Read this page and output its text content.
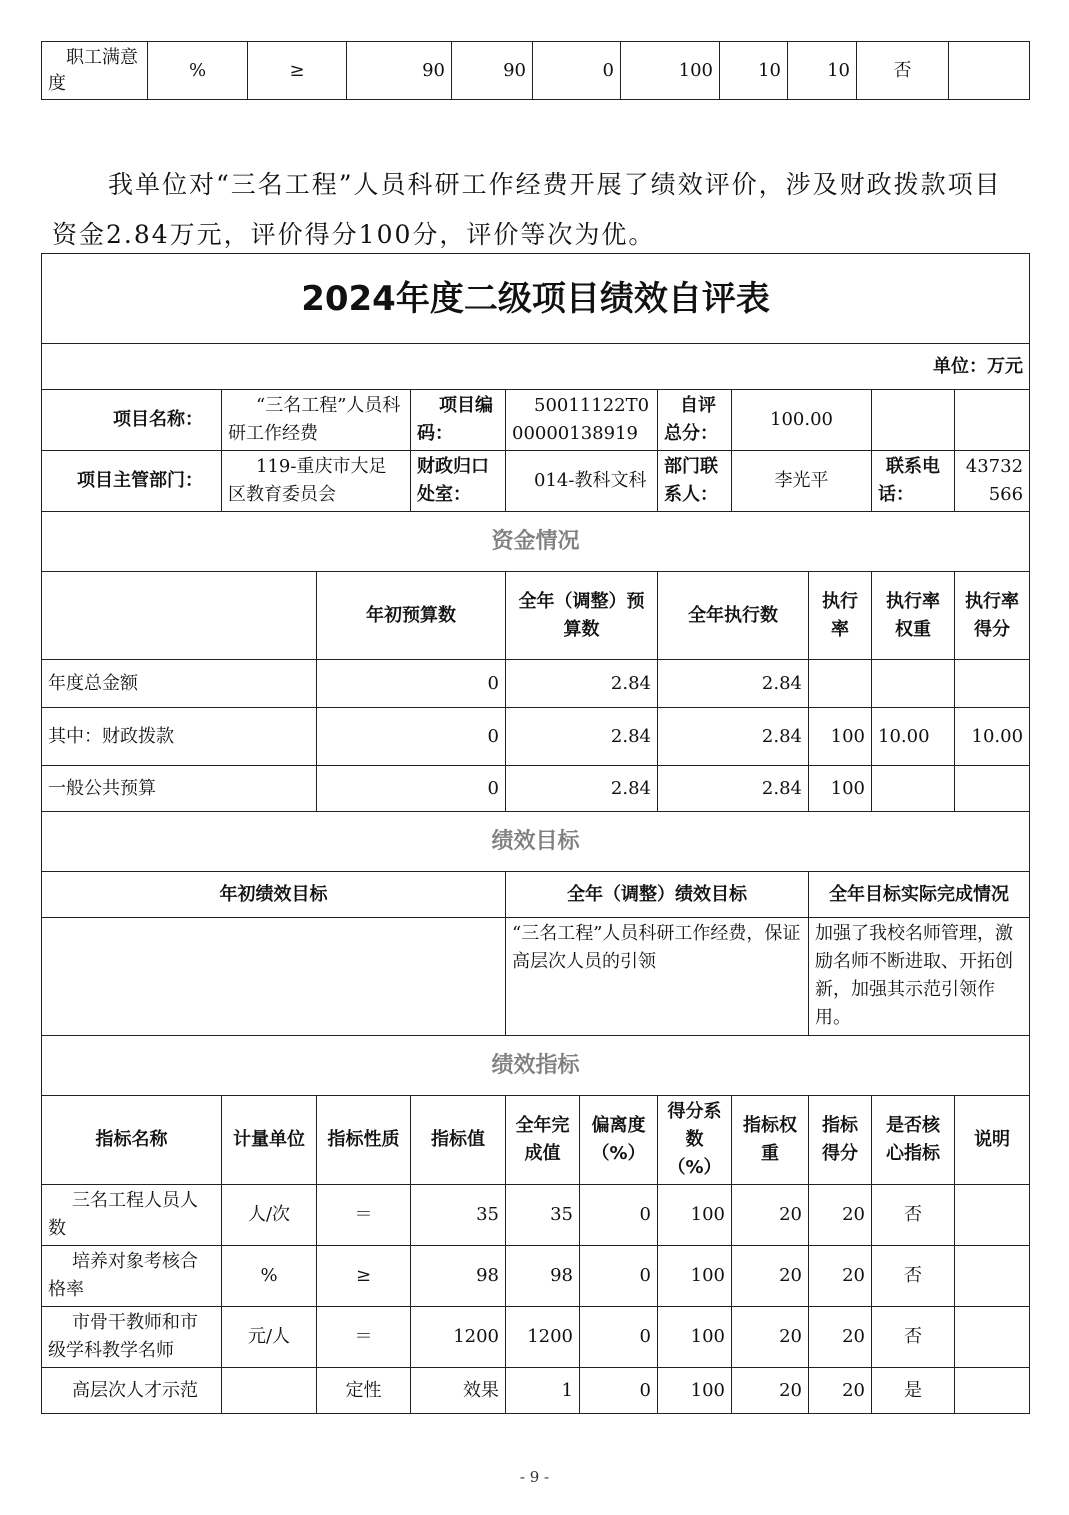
职工满意度	%	≥	90	90	0	100	10	10	否	

我单位对“三名工程”人员科研工作经费开展了绩效评价，涉及财政拨款项目资金2.84万元，评价得分100分，评价等次为优。

2024年度二级项目绩效自评表										
单位：万元										
项目名称：	“三名工程”人员科研工作经费		项目编码：	50011122T000000138919		自评总分：	100.00			
项目主管部门：	119-重庆市大足区教育委员会		财政归口处室：	014-教科文科		部门联系人：	李光平		联系电话：	43732566
资金情况										
		年初预算数		全年（调整）预算数		全年执行数		执行率	执行率权重	执行率得分
年度总金额		0		2.84		2.84				
其中：财政拨款		0		2.84		2.84		100	10.00	10.00
一般公共预算		0		2.84		2.84		100		
绩效目标										
年初绩效目标				全年（调整）绩效目标				全年目标实际完成情况		
				“三名工程”人员科研工作经费，保证高层次人员的引领				加强了我校名师管理，激励名师不断进取、开拓创新，加强其示范引领作用。		
绩效指标										
指标名称	计量单位	指标性质	指标值	全年完成值	偏离度（%）	得分系数（%）	指标权重	指标得分	是否核心指标	说明
三名工程人员人数	人/次	＝	35	35	0	100	20	20	否	
培养对象考核合格率	%	≥	98	98	0	100	20	20	否	
市骨干教师和市级学科教学名师	元/人	＝	1200	1200	0	100	20	20	否	
高层次人才示范		定性	效果	1	0	100	20	20	是	
- 9 -
